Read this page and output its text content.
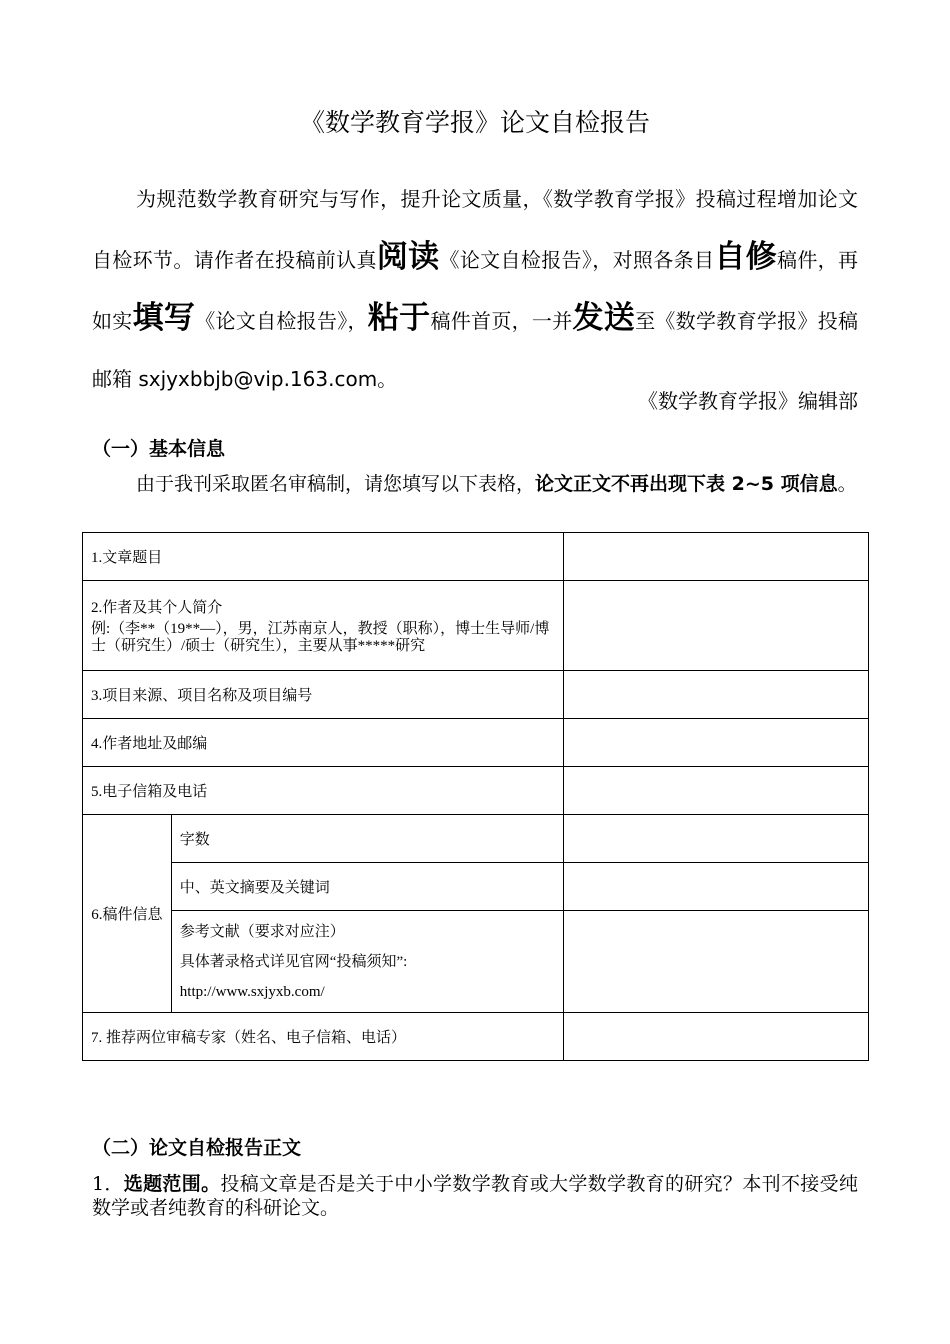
《数学教育学报》论文自检报告
为规范数学教育研究与写作，提升论文质量，《数学教育学报》投稿过程增加论文自检环节。请作者在投稿前认真阅读《论文自检报告》，对照各条目自修稿件，再如实填写《论文自检报告》，粘于稿件首页，一并发送至《数学教育学报》投稿邮箱 sxjyxbbjb@vip.163.com。
《数学教育学报》编辑部
（一）基本信息
由于我刊采取匿名审稿制，请您填写以下表格，论文正文不再出现下表 2~5 项信息。
1.文章题目		

2.作者及其个人简介
例:（李**（19**—），男，江苏南京人，教授（职称），博士生导师/博士（研究生）/硕士（研究生），主要从事*****研究		

3.项目来源、项目名称及项目编号		
4.作者地址及邮编		
5.电子信箱及电话		
6.稿件信息	字数	
	中、英文摘要及关键词	

	参考文献（要求对应注）
具体著录格式详见官网“投稿须知”:
http://www.sxjyxb.com/	

7. 推荐两位审稿专家（姓名、电子信箱、电话）		
（二）论文自检报告正文
1．选题范围。投稿文章是否是关于中小学数学教育或大学数学教育的研究？本刊不接受纯数学或者纯教育的科研论文。
